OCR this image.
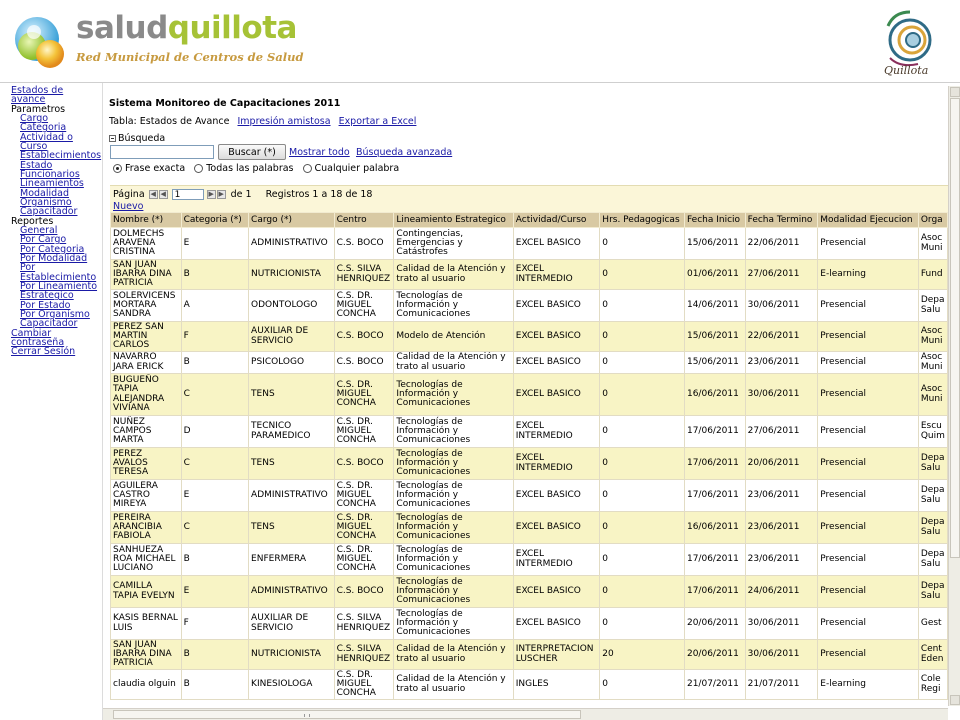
saludquillota
Red Municipal de Centros de Salud
Quillota
Estados de
avance
Parametros
Cargo
Categoria
Actividad o
Curso
Establecimientos
Estado
Funcionarios
Lineamientos
Modalidad
Organismo
Capacitador
Reportes
General
Por Cargo
Por Categoria
Por Modalidad
Por
Establecimiento
Por Lineamiento
Estrategico
Por Estado
Por Organismo
Capacitador
Cambiar
contraseña
Cerrar Sesión
Sistema Monitoreo de Capacitaciones 2011
Tabla: Estados de Avance Impresión amistosa Exportar a Excel
Búsqueda
Buscar (*)	Mostrar todo Búsqueda avanzada
Frase exacta Todas las palabras Cualquier palabra
Página ◀ ◀
1	▶ ▶ de 1 Registros 1 a 18 de 18
Nuevo
Nombre (*)	Categoria (*)	Cargo (*)	Centro	Lineamiento Estrategico	Actividad/Curso	Hrs. Pedagogicas	Fecha Inicio	Fecha Termino	Modalidad Ejecucion	Orga
DOLMECHS ARAVENA CRISTINA	E	ADMINISTRATIVO	C.S. BOCO	Contingencias, Emergencias y Catástrofes	EXCEL BASICO	0	15/06/2011	22/06/2011	Presencial	Asoc Muni
SAN JUAN IBARRA DINA PATRICIA	B	NUTRICIONISTA	C.S. SILVA HENRIQUEZ	Calidad de la Atención y trato al usuario	EXCEL INTERMEDIO	0	01/06/2011	27/06/2011	E-learning	Fund
SOLERVICENS MORTARA SANDRA	A	ODONTOLOGO	C.S. DR. MIGUEL CONCHA	Tecnologías de Información y Comunicaciones	EXCEL BASICO	0	14/06/2011	30/06/2011	Presencial	Depa Salu
PEREZ SAN MARTIN CARLOS	F	AUXILIAR DE SERVICIO	C.S. BOCO	Modelo de Atención	EXCEL BASICO	0	15/06/2011	22/06/2011	Presencial	Asoc Muni
NAVARRO JARA ERICK	B	PSICOLOGO	C.S. BOCO	Calidad de la Atención y trato al usuario	EXCEL BASICO	0	15/06/2011	23/06/2011	Presencial	Asoc Muni
BUGUEÑO TAPIA ALEJANDRA VIVIANA	C	TENS	C.S. DR. MIGUEL CONCHA	Tecnologías de Información y Comunicaciones	EXCEL BASICO	0	16/06/2011	30/06/2011	Presencial	Asoc Muni
NUÑEZ CAMPOS MARTA	D	TECNICO PARAMEDICO	C.S. DR. MIGUEL CONCHA	Tecnologías de Información y Comunicaciones	EXCEL INTERMEDIO	0	17/06/2011	27/06/2011	Presencial	Escu Quim
PEREZ AVALOS TERESA	C	TENS	C.S. BOCO	Tecnologías de Información y Comunicaciones	EXCEL INTERMEDIO	0	17/06/2011	20/06/2011	Presencial	Depa Salu
AGUILERA CASTRO MIREYA	E	ADMINISTRATIVO	C.S. DR. MIGUEL CONCHA	Tecnologías de Información y Comunicaciones	EXCEL BASICO	0	17/06/2011	23/06/2011	Presencial	Depa Salu
PEREIRA ARANCIBIA FABIOLA	C	TENS	C.S. DR. MIGUEL CONCHA	Tecnologías de Información y Comunicaciones	EXCEL BASICO	0	16/06/2011	23/06/2011	Presencial	Depa Salu
SANHUEZA ROA MICHAEL LUCIANO	B	ENFERMERA	C.S. DR. MIGUEL CONCHA	Tecnologías de Información y Comunicaciones	EXCEL INTERMEDIO	0	17/06/2011	23/06/2011	Presencial	Depa Salu
CAMILLA TAPIA EVELYN	E	ADMINISTRATIVO	C.S. BOCO	Tecnologías de Información y Comunicaciones	EXCEL BASICO	0	17/06/2011	24/06/2011	Presencial	Depa Salu
KASIS BERNAL LUIS	F	AUXILIAR DE SERVICIO	C.S. SILVA HENRIQUEZ	Tecnologías de Información y Comunicaciones	EXCEL BASICO	0	20/06/2011	30/06/2011	Presencial	Gest
SAN JUAN IBARRA DINA PATRICIA	B	NUTRICIONISTA	C.S. SILVA HENRIQUEZ	Calidad de la Atención y trato al usuario	INTERPRETACION LUSCHER	20	20/06/2011	30/06/2011	Presencial	Cent Eden
claudia olguin	B	KINESIOLOGA	C.S. DR. MIGUEL CONCHA	Calidad de la Atención y trato al usuario	INGLES	0	21/07/2011	21/07/2011	E-learning	Cole Regi
